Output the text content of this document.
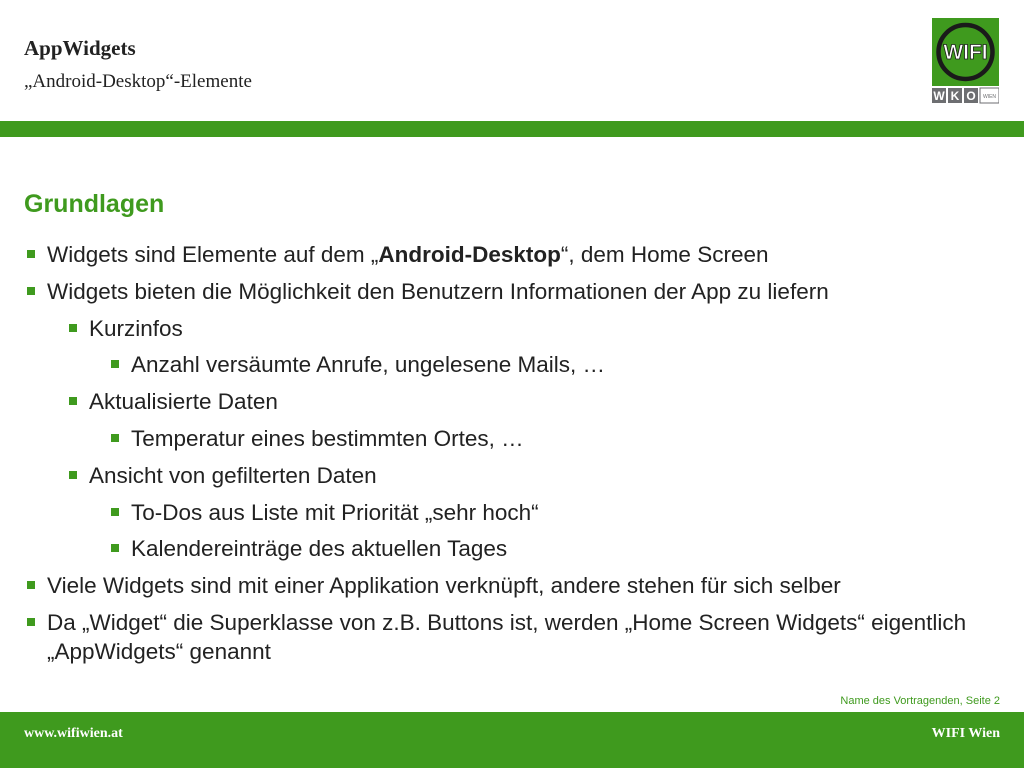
AppWidgets
„Android-Desktop“-Elemente
WIFI
W K O WIEN
Grundlagen
Widgets sind Elemente auf dem „Android-Desktop“, dem Home Screen
Widgets bieten die Möglichkeit den Benutzern Informationen der App zu liefern
Kurzinfos
Anzahl versäumte Anrufe, ungelesene Mails, …
Aktualisierte Daten
Temperatur eines bestimmten Ortes, …
Ansicht von gefilterten Daten
To-Dos aus Liste mit Priorität „sehr hoch“
Kalendereinträge des aktuellen Tages
Viele Widgets sind mit einer Applikation verknüpft, andere stehen für sich selber
Da „Widget“ die Superklasse von z.B. Buttons ist, werden „Home Screen Widgets“ eigentlich „AppWidgets“ genannt
Name des Vortragenden, Seite 2
www.wifiwien.at	WIFI Wien
